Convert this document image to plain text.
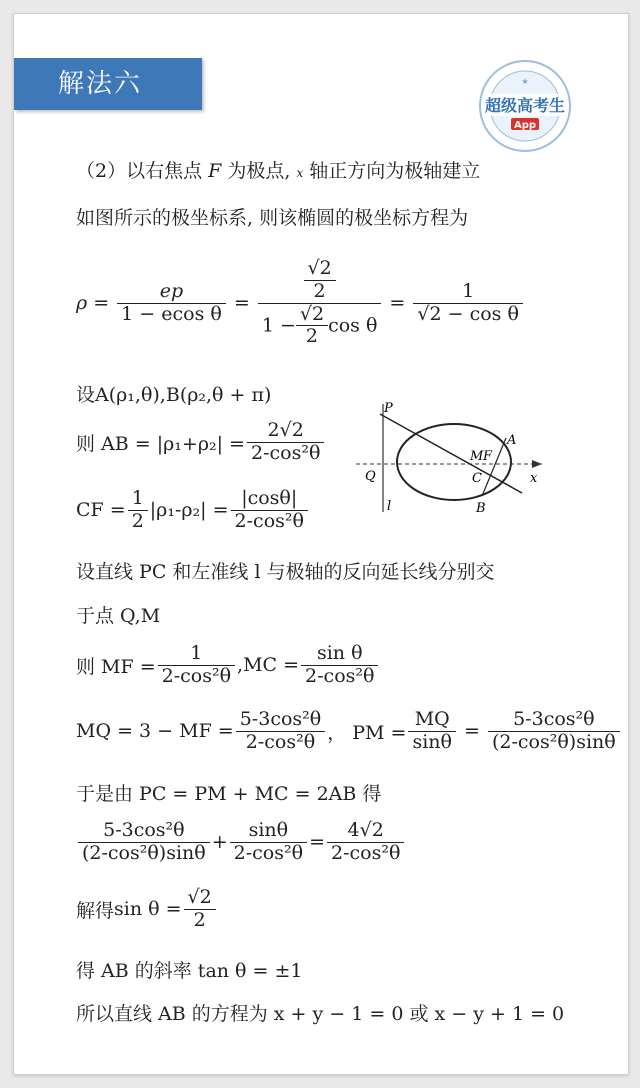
解法六
超级高考生
App
★
（2）以右焦点 F 为极点, x 轴正方向为极轴建立
如图所示的极坐标系, 则该椭圆的极坐标方程为
$\rho = \frac{ep}{\text{1 − ecos θ}} = \frac{\frac{√2}{2}}{1 - \frac{√2}{2} \cos \theta} = \frac{1}{\text{√2 − cos θ}}$
设A(ρ₁,θ),B(ρ₂,θ + π)
则 AB = $|\rho_1+\rho_2| = \frac{2√2}{\text{2-cos²θ}}$
CF = $\frac{1}{2} |\rho_1-\rho_2| = \frac{|\cos\theta|}{\text{2-cos²θ}}$
P
Q
l
M F
A
C
B
x
设直线 PC 和左准线 l 与极轴的反向延长线分别交
于点 Q,M
则 MF = $\frac{1}{\text{2-cos²θ}} ,MC = \frac{\text{sin θ}}{\text{2-cos²θ}}$
MQ = 3 − MF = $\frac{\text{5-3cos²θ}}{\text{2-cos²θ}}$ ， PM = $\frac{MQ}{\sin\theta} = \frac{\text{5-3cos²θ}}{\text{(2-cos²θ)sinθ}}$
于是由 PC = PM + MC = 2AB 得
$\frac{\text{5-3cos²θ}}{\text{(2-cos²θ)sinθ}} + \frac{\sin\theta}{\text{2-cos²θ}} = \frac{4√2}{\text{2-cos²θ}}$
解得 $\sin \theta = \frac{√2}{2}$
得 AB 的斜率 tan θ = ±1
所以直线 AB 的方程为 x + y − 1 = 0 或 x − y + 1 = 0
